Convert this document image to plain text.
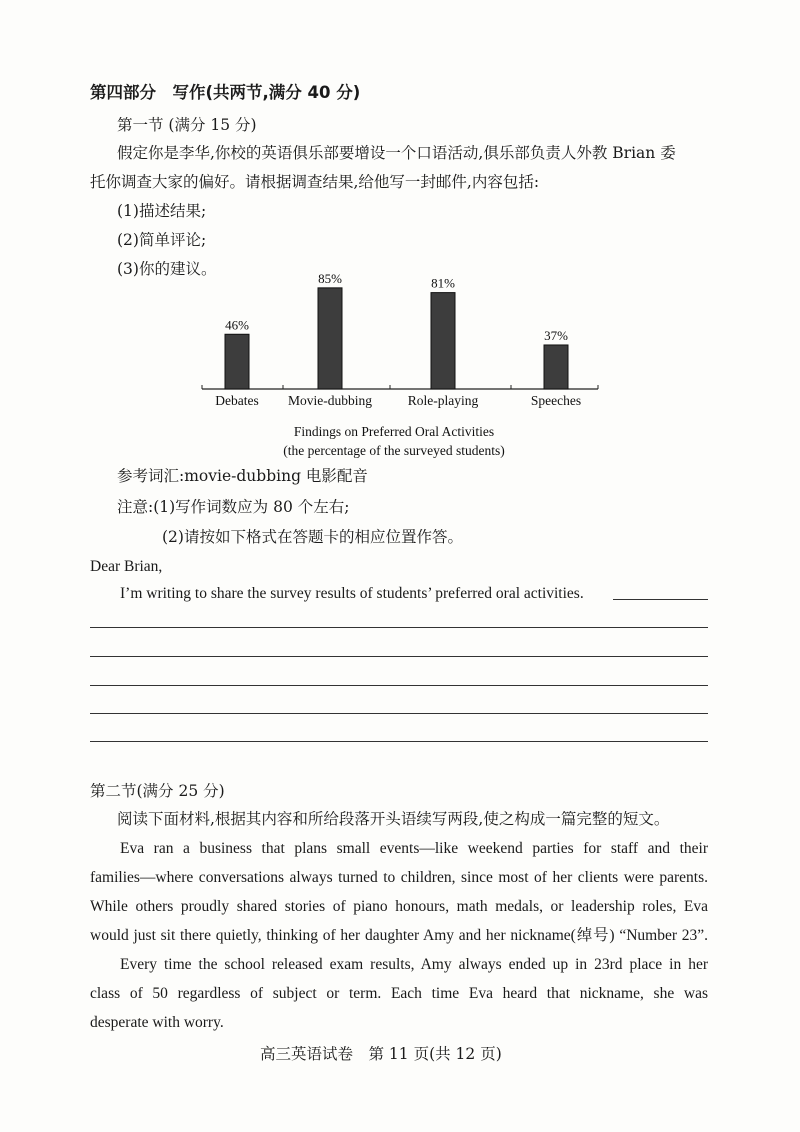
第四部分　写作(共两节,满分 40 分)
第一节 (满分 15 分)
假定你是李华,你校的英语俱乐部要增设一个口语活动,俱乐部负责人外教 Brian 委
托你调查大家的偏好。请根据调查结果,给他写一封邮件,内容包括:
(1)描述结果;
(2)简单评论;
(3)你的建议。
46%
Debates
85%
Movie-dubbing
81%
Role-playing
37%
Speeches
Findings on Preferred Oral Activities
(the percentage of the surveyed students)
参考词汇:movie-dubbing 电影配音
注意:(1)写作词数应为 80 个左右;
(2)请按如下格式在答题卡的相应位置作答。
Dear Brian,
I’m writing to share the survey results of students’ preferred oral activities.
第二节(满分 25 分)
阅读下面材料,根据其内容和所给段落开头语续写两段,使之构成一篇完整的短文。
Eva ran a business that plans small events—like weekend parties for staff and their
families—where conversations always turned to children, since most of her clients were parents.
While others proudly shared stories of piano honours, math medals, or leadership roles, Eva
would just sit there quietly, thinking of her daughter Amy and her nickname(绰号) “Number 23”.
Every time the school released exam results, Amy always ended up in 23rd place in her
class of 50 regardless of subject or term. Each time Eva heard that nickname, she was
desperate with worry.
高三英语试卷　第 11 页(共 12 页)
